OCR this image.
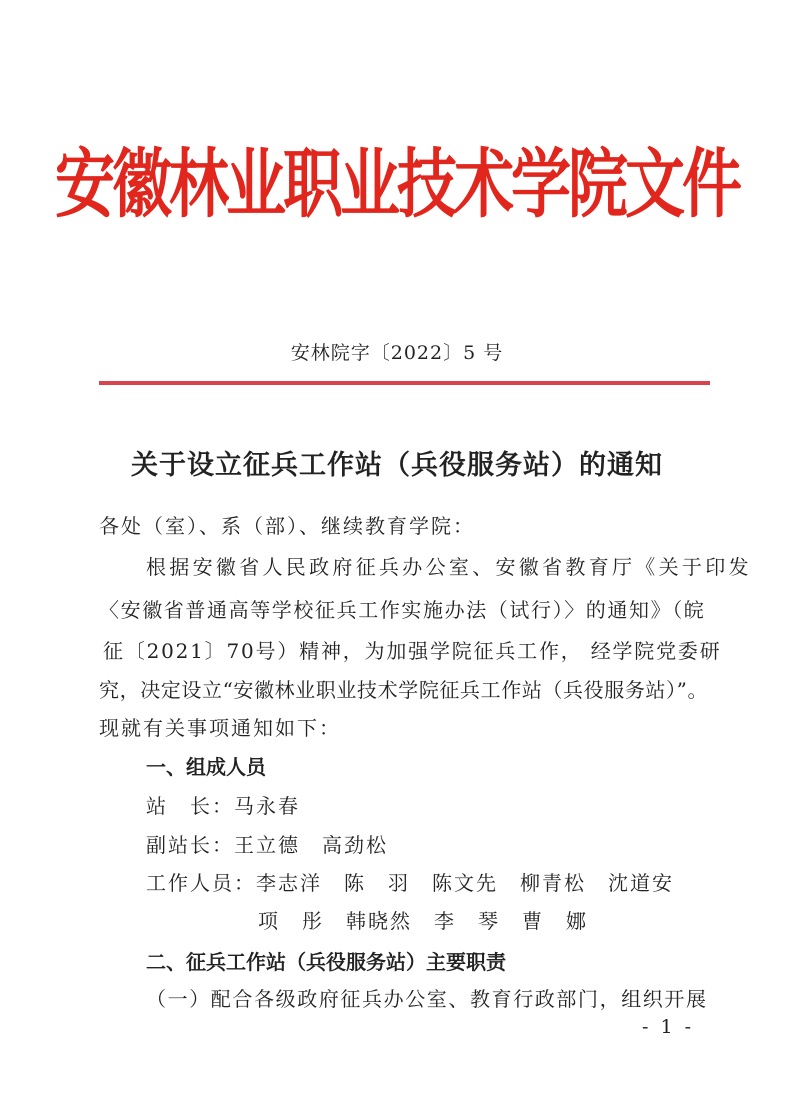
安徽林业职业技术学院文件
安林院字〔2022〕5 号
关于设立征兵工作站（兵役服务站）的通知
各处（室）、系（部）、继续教育学院：
根据安徽省人民政府征兵办公室、安徽省教育厅《关于印发
〈安徽省普通高等学校征兵工作实施办法（试行）〉的通知》（皖
征〔2021〕70号）精神，为加强学院征兵工作， 经学院党委研
究，决定设立“安徽林业职业技术学院征兵工作站（兵役服务站）”。
现就有关事项通知如下：
一、组成人员
站　长：马永春
副站长：王立德　高劲松
工作人员：李志洋　陈　羽　陈文先　柳青松　沈道安
项　彤　韩晓然　李　琴　曹　娜
二、征兵工作站（兵役服务站）主要职责
（一）配合各级政府征兵办公室、教育行政部门，组织开展
- 1 -
